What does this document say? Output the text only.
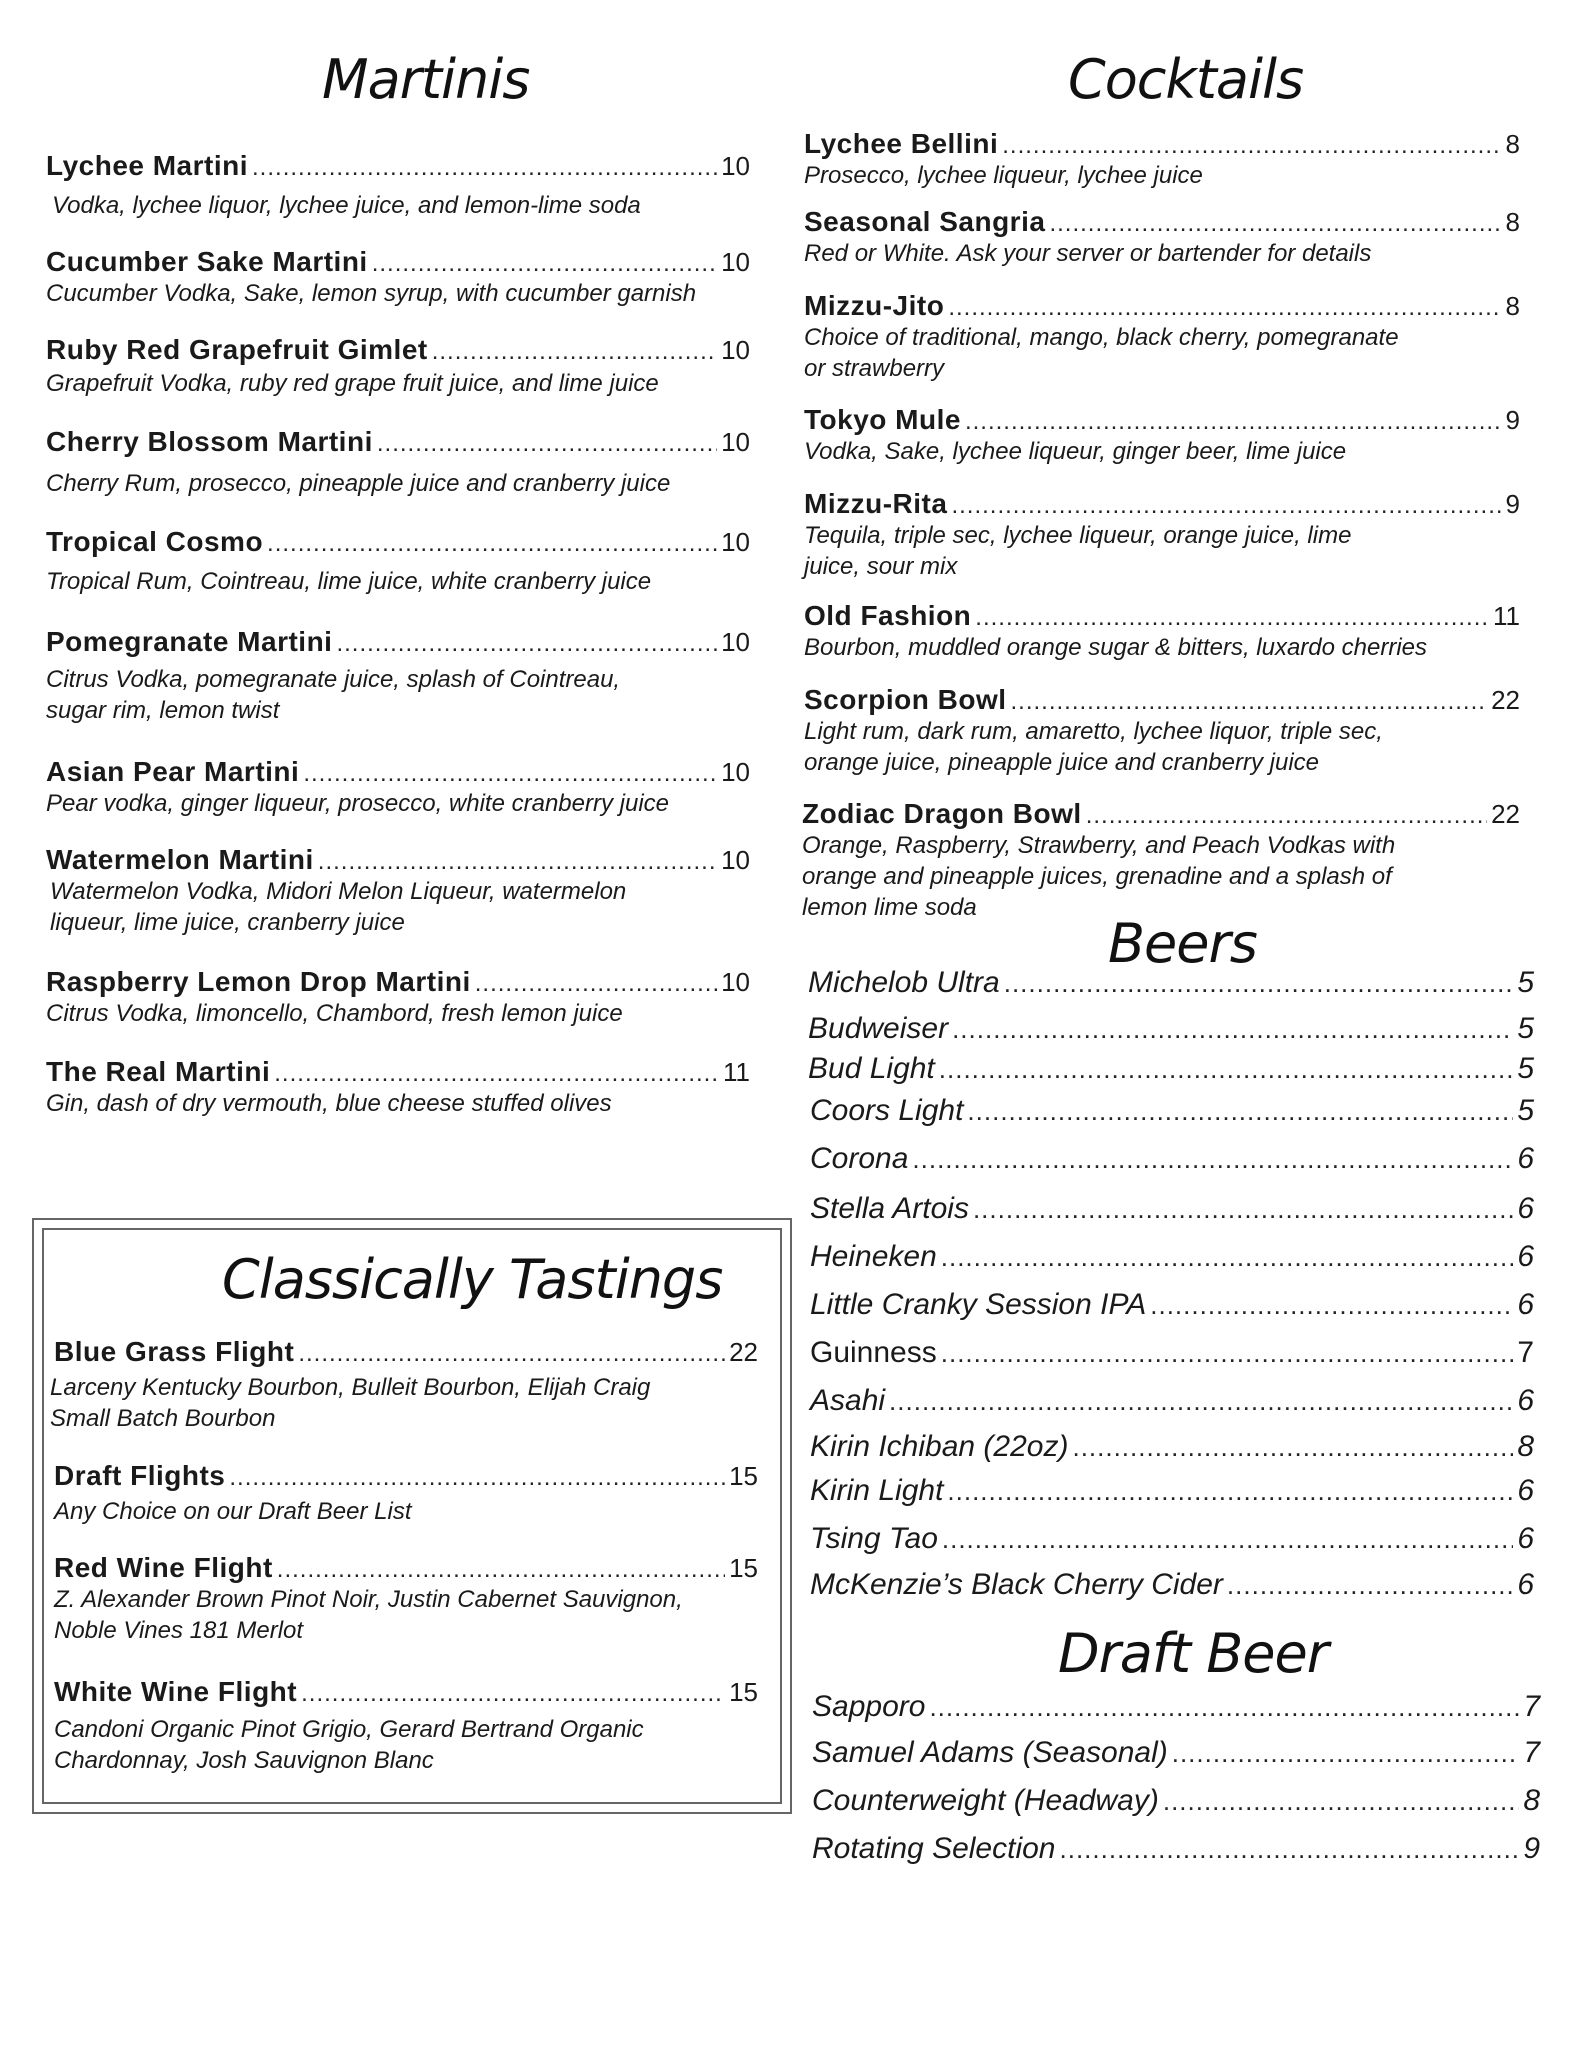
Martinis
Lychee Martini .....	10
Vodka, lychee liquor, lychee juice, and lemon-lime soda
Cucumber Sake Martini .....	10
Cucumber Vodka, Sake, lemon syrup, with cucumber garnish
Ruby Red Grapefruit Gimlet .....	10
Grapefruit Vodka, ruby red grape fruit juice, and lime juice
Cherry Blossom Martini .....	10
Cherry Rum, prosecco, pineapple juice and cranberry juice
Tropical Cosmo .....	10
Tropical Rum, Cointreau, lime juice, white cranberry juice
Pomegranate Martini .....	10
Citrus Vodka, pomegranate juice, splash of Cointreau,
sugar rim, lemon twist
Asian Pear Martini .....	10
Pear vodka, ginger liqueur, prosecco, white cranberry juice
Watermelon Martini .....	10
Watermelon Vodka, Midori Melon Liqueur, watermelon
liqueur, lime juice, cranberry juice
Raspberry Lemon Drop Martini .....	10
Citrus Vodka, limoncello, Chambord, fresh lemon juice
The Real Martini .....	11
Gin, dash of dry vermouth, blue cheese stuffed olives
Classically Tastings
Blue Grass Flight .....	22
Larceny Kentucky Bourbon, Bulleit Bourbon, Elijah Craig
Small Batch Bourbon
Draft Flights .....	15
Any Choice on our Draft Beer List
Red Wine Flight .....	15
Z. Alexander Brown Pinot Noir, Justin Cabernet Sauvignon,
Noble Vines 181 Merlot
White Wine Flight .....	15
Candoni Organic Pinot Grigio, Gerard Bertrand Organic
Chardonnay, Josh Sauvignon Blanc
Cocktails
Lychee Bellini .....	8
Prosecco, lychee liqueur, lychee juice
Seasonal Sangria .....	8
Red or White. Ask your server or bartender for details
Mizzu-Jito .....	8
Choice of traditional, mango, black cherry, pomegranate
or strawberry
Tokyo Mule .....	9
Vodka, Sake, lychee liqueur, ginger beer, lime juice
Mizzu-Rita .....	9
Tequila, triple sec, lychee liqueur, orange juice, lime
juice, sour mix
Old Fashion .....	11
Bourbon, muddled orange sugar & bitters, luxardo cherries
Scorpion Bowl .....	22
Light rum, dark rum, amaretto, lychee liquor, triple sec,
orange juice, pineapple juice and cranberry juice
Zodiac Dragon Bowl .....	22
Orange, Raspberry, Strawberry, and Peach Vodkas with
orange and pineapple juices, grenadine and a splash of
lemon lime soda
Beers
Michelob Ultra .....	5
Budweiser .....	5
Bud Light .....	5
Coors Light .....	5
Corona .....	6
Stella Artois .....	6
Heineken .....	6
Little Cranky Session IPA .....	6
Guinness .....	7
Asahi .....	6
Kirin Ichiban (22oz) .....	8
Kirin Light .....	6
Tsing Tao .....	6
McKenzie’s Black Cherry Cider .....	6
Draft Beer
Sapporo .....	7
Samuel Adams (Seasonal) .....	7
Counterweight (Headway) .....	8
Rotating Selection .....	9
